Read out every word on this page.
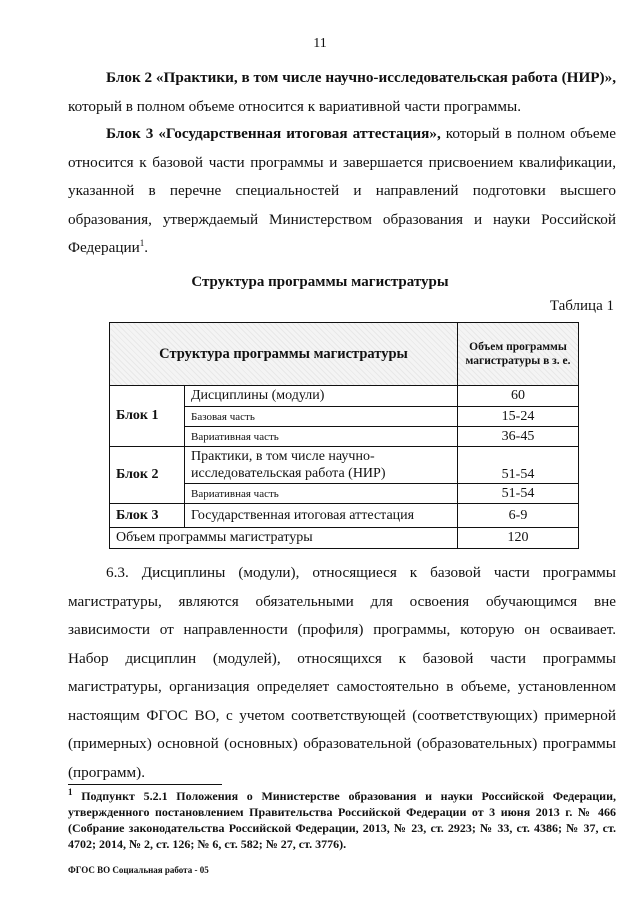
11

Блок 2 «Практики, в том числе научно-исследовательская работа (НИР)», который в полном объеме относится к вариативной части программы.

Блок 3 «Государственная итоговая аттестация», который в полном объеме относится к базовой части программы и завершается присвоением квалификации, указанной в перечне специальностей и направлений подготовки высшего образования, утверждаемый Министерством образования и науки Российской Федерации$^1$.

Структура программы магистратуры
Таблица 1
Структура программы магистратуры		Объем программы магистратуры в з. е.
Блок 1	Дисциплины (модули)	60
	Базовая часть	15-24
	Вариативная часть	36-45
Блок 2	Практики, в том числе научно-исследовательская работа (НИР)	51-54
	Вариативная часть	51-54
Блок 3	Государственная итоговая аттестация	6-9
Объем программы магистратуры		120

6.3. Дисциплины (модули), относящиеся к базовой части программы магистратуры, являются обязательными для освоения обучающимся вне зависимости от направленности (профиля) программы, которую он осваивает. Набор дисциплин (модулей), относящихся к базовой части программы магистратуры, организация определяет самостоятельно в объеме, установленном настоящим ФГОС ВО, с учетом соответствующей (соответствующих) примерной (примерных) основной (основных) образовательной (образовательных) программы (программ).

$^1$ Подпункт 5.2.1 Положения о Министерстве образования и науки Российской Федерации, утвержденного постановлением Правительства Российской Федерации от 3 июня 2013 г. № 466 (Собрание законодательства Российской Федерации, 2013, № 23, ст. 2923; № 33, ст. 4386; № 37, ст. 4702; 2014, № 2, ст. 126; № 6, ст. 582; № 27, ст. 3776).

ФГОС ВО Социальная работа - 05
